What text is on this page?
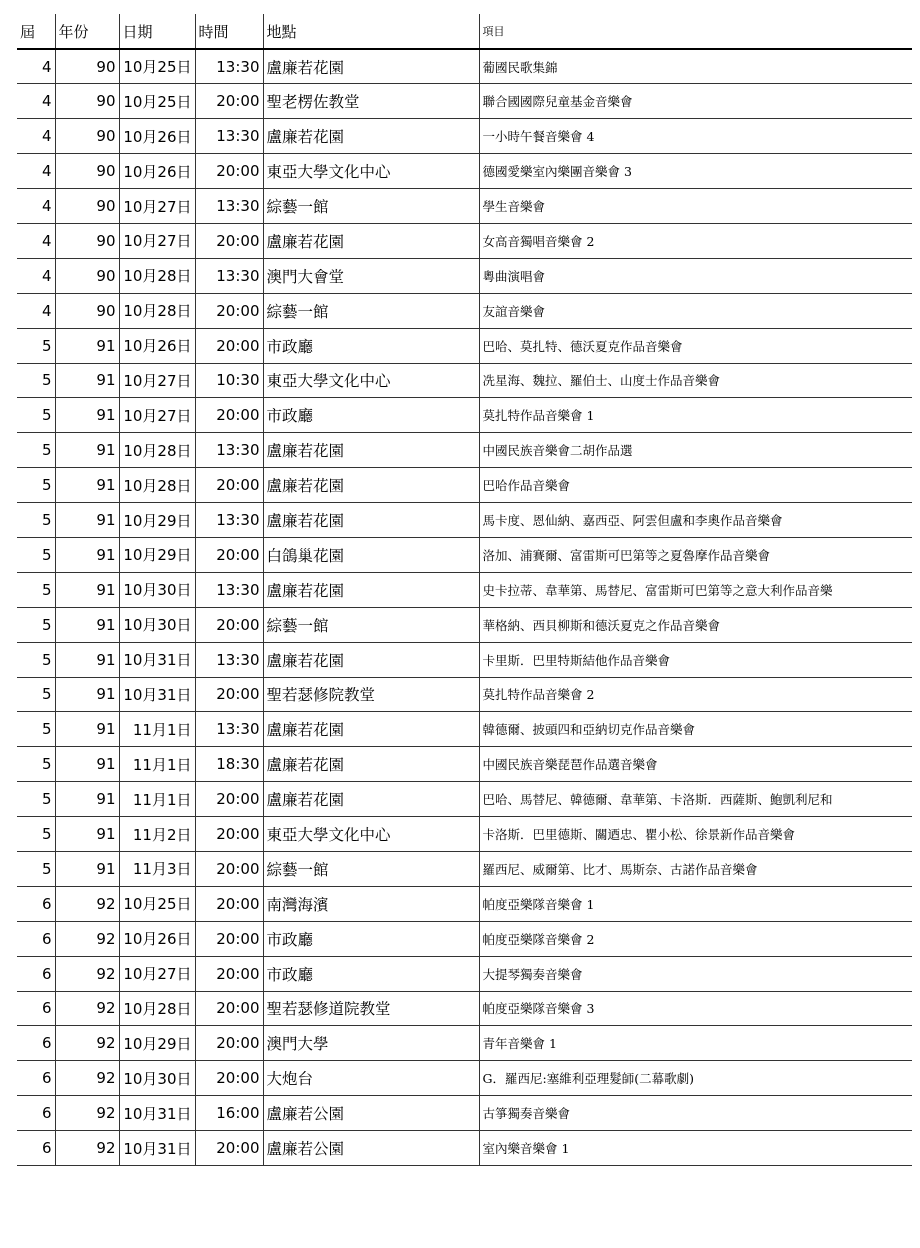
屆	年份	日期	時間	地點	項目
4	90	10月25日	13:30	盧廉若花園	葡國民歌集錦
4	90	10月25日	20:00	聖老楞佐教堂	聯合國國際兒童基金音樂會
4	90	10月26日	13:30	盧廉若花園	一小時午餐音樂會 4
4	90	10月26日	20:00	東亞大學文化中心	德國愛樂室內樂團音樂會 3
4	90	10月27日	13:30	綜藝一館	學生音樂會
4	90	10月27日	20:00	盧廉若花園	女高音獨唱音樂會 2
4	90	10月28日	13:30	澳門大會堂	粵曲演唱會
4	90	10月28日	20:00	綜藝一館	友誼音樂會
5	91	10月26日	20:00	市政廳	巴哈、莫扎特、德沃夏克作品音樂會
5	91	10月27日	10:30	東亞大學文化中心	冼星海、魏拉、羅伯士、山度士作品音樂會
5	91	10月27日	20:00	市政廳	莫扎特作品音樂會 1
5	91	10月28日	13:30	盧廉若花園	中國民族音樂會二胡作品選
5	91	10月28日	20:00	盧廉若花園	巴哈作品音樂會
5	91	10月29日	13:30	盧廉若花園	馬卡度、恩仙納、嘉西亞、阿雲但盧和李奧作品音樂會
5	91	10月29日	20:00	白鴿巢花園	洛加、浦賽爾、富雷斯可巴第等之夏魯摩作品音樂會
5	91	10月30日	13:30	盧廉若花園	史卡拉蒂、韋華第、馬替尼、富雷斯可巴第等之意大利作品音樂
5	91	10月30日	20:00	綜藝一館	華格納、西貝柳斯和德沃夏克之作品音樂會
5	91	10月31日	13:30	盧廉若花園	卡里斯．巴里特斯結他作品音樂會
5	91	10月31日	20:00	聖若瑟修院教堂	莫扎特作品音樂會 2
5	91	11月1日	13:30	盧廉若花園	韓德爾、披頭四和亞納切克作品音樂會
5	91	11月1日	18:30	盧廉若花園	中國民族音樂琵琶作品選音樂會
5	91	11月1日	20:00	盧廉若花園	巴哈、馬替尼、韓德爾、韋華第、卡洛斯．西薩斯、鮑凱利尼和
5	91	11月2日	20:00	東亞大學文化中心	卡洛斯．巴里德斯、關迺忠、瞿小松、徐景新作品音樂會
5	91	11月3日	20:00	綜藝一館	羅西尼、威爾第、比才、馬斯奈、古諾作品音樂會
6	92	10月25日	20:00	南灣海濱	帕度亞樂隊音樂會 1
6	92	10月26日	20:00	市政廳	帕度亞樂隊音樂會 2
6	92	10月27日	20:00	市政廳	大提琴獨奏音樂會
6	92	10月28日	20:00	聖若瑟修道院教堂	帕度亞樂隊音樂會 3
6	92	10月29日	20:00	澳門大學	青年音樂會 1
6	92	10月30日	20:00	大炮台	G．羅西尼:塞維利亞理髮師(二幕歌劇)
6	92	10月31日	16:00	盧廉若公園	古箏獨奏音樂會
6	92	10月31日	20:00	盧廉若公園	室內樂音樂會 1
